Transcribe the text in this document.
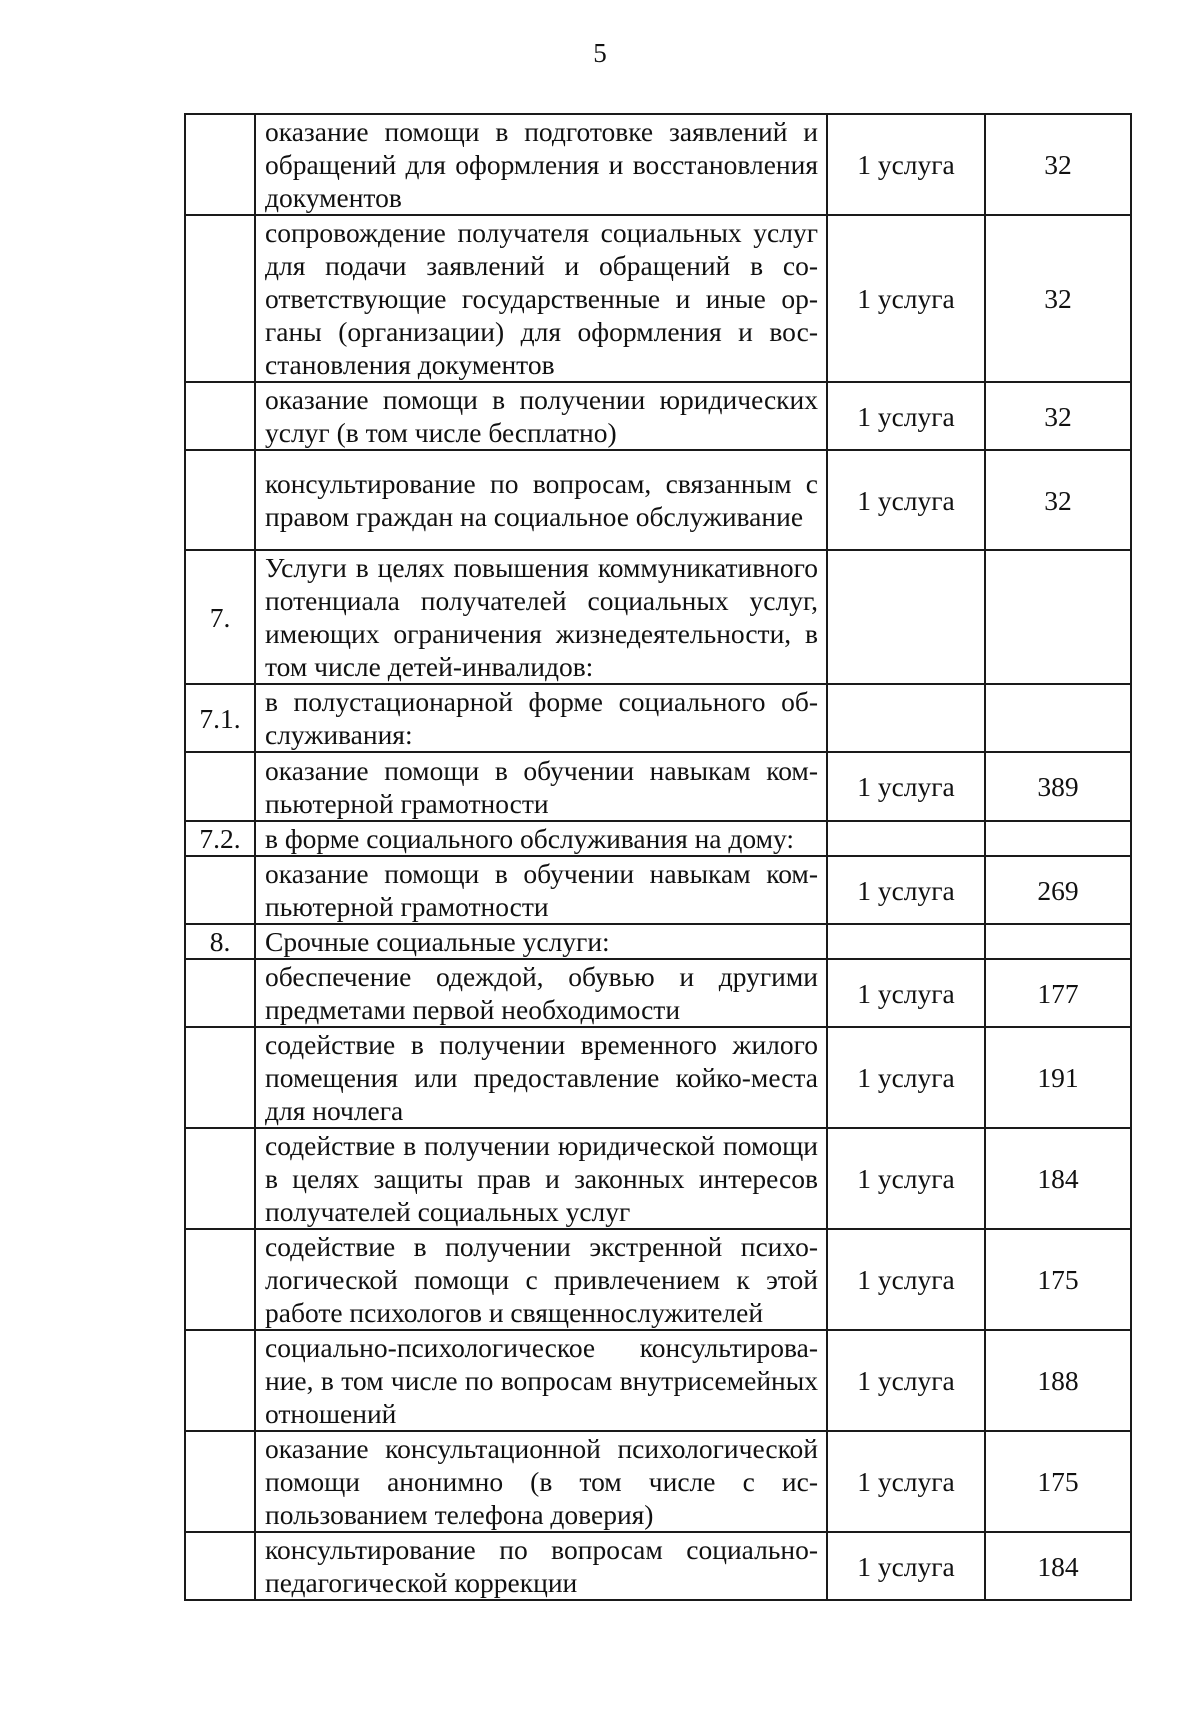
5
	оказание помощи в подготовке заявлений и обращений для оформления и восстановления документов	1 услуга	32
	сопровождение получателя социальных услуг для подачи заявлений и обращений в соответствующие государственные и иные органы (организации) для оформления и восстановления документов	1 услуга	32
	оказание помощи в получении юридических услуг (в том числе бесплатно)	1 услуга	32
	консультирование по вопросам, связанным с правом граждан на социальное обслуживание	1 услуга	32
7.	Услуги в целях повышения коммуникативного потенциала получателей социальных услуг, имеющих ограничения жизнедеятельности, в том числе детей-инвалидов:		
7.1.	в полустационарной форме социального обслуживания:		
	оказание помощи в обучении навыкам компьютерной грамотности	1 услуга	389
7.2.	в форме социального обслуживания на дому:		
	оказание помощи в обучении навыкам компьютерной грамотности	1 услуга	269
8.	Срочные социальные услуги:		
	обеспечение одеждой, обувью и другими предметами первой необходимости	1 услуга	177
	содействие в получении временного жилого помещения или предоставление койко-места для ночлега	1 услуга	191
	содействие в получении юридической помощи в целях защиты прав и законных интересов получателей социальных услуг	1 услуга	184
	содействие в получении экстренной психологической помощи с привлечением к этой работе психологов и священнослужителей	1 услуга	175
	социально-психологическое консультирование, в том числе по вопросам внутрисемейных отношений	1 услуга	188
	оказание консультационной психологической помощи анонимно (в том числе с использованием телефона доверия)	1 услуга	175
	консультирование по вопросам социально-педагогической коррекции	1 услуга	184
